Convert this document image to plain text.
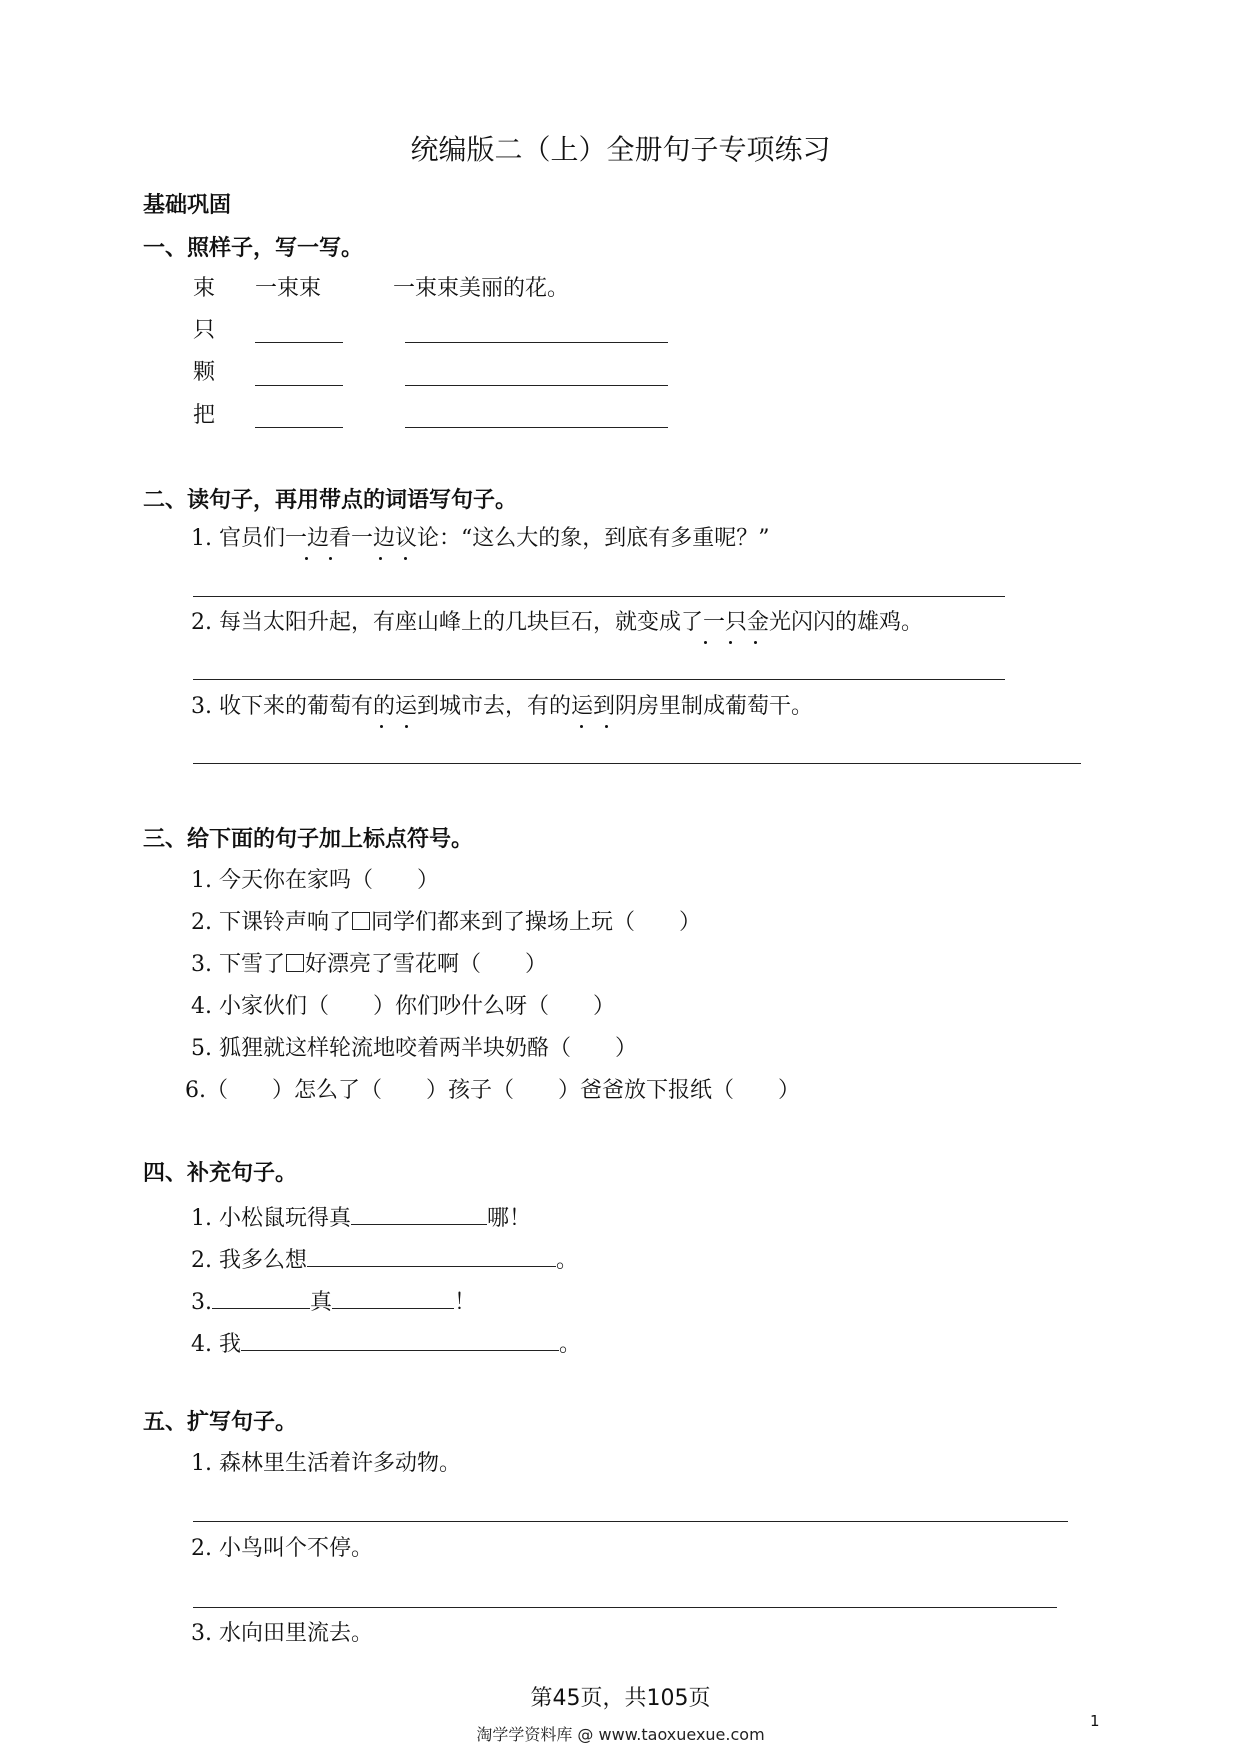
统编版二（上）全册句子专项练习
基础巩固
一、照样子，写一写。
束 一束束	一束束美丽的花。
只
颗
把
二、读句子，再用带点的词语写句子。
1. 官员们一边看一边议论：“这么大的象，到底有多重呢？”
2. 每当太阳升起，有座山峰上的几块巨石，就变成了一只金光闪闪的雄鸡。
3. 收下来的葡萄有的运到城市去，有的运到阴房里制成葡萄干。
三、给下面的句子加上标点符号。
1. 今天你在家吗（　　）
2. 下课铃声响了 同学们都来到了操场上玩（　　）
3. 下雪了 好漂亮了雪花啊（　　）
4. 小家伙们（　　）你们吵什么呀（　　）
5. 狐狸就这样轮流地咬着两半块奶酪（　　）
6.（　　）怎么了（　　）孩子（　　）爸爸放下报纸（　　）
四、补充句子。
1. 小松鼠玩得真	哪！
2. 我多么想	。
3.	真	！
4. 我	。
五、扩写句子。
1. 森林里生活着许多动物。
2. 小鸟叫个不停。
3. 水向田里流去。
第45页，共105页
淘学学资料库 @ www.taoxuexue.com
1
